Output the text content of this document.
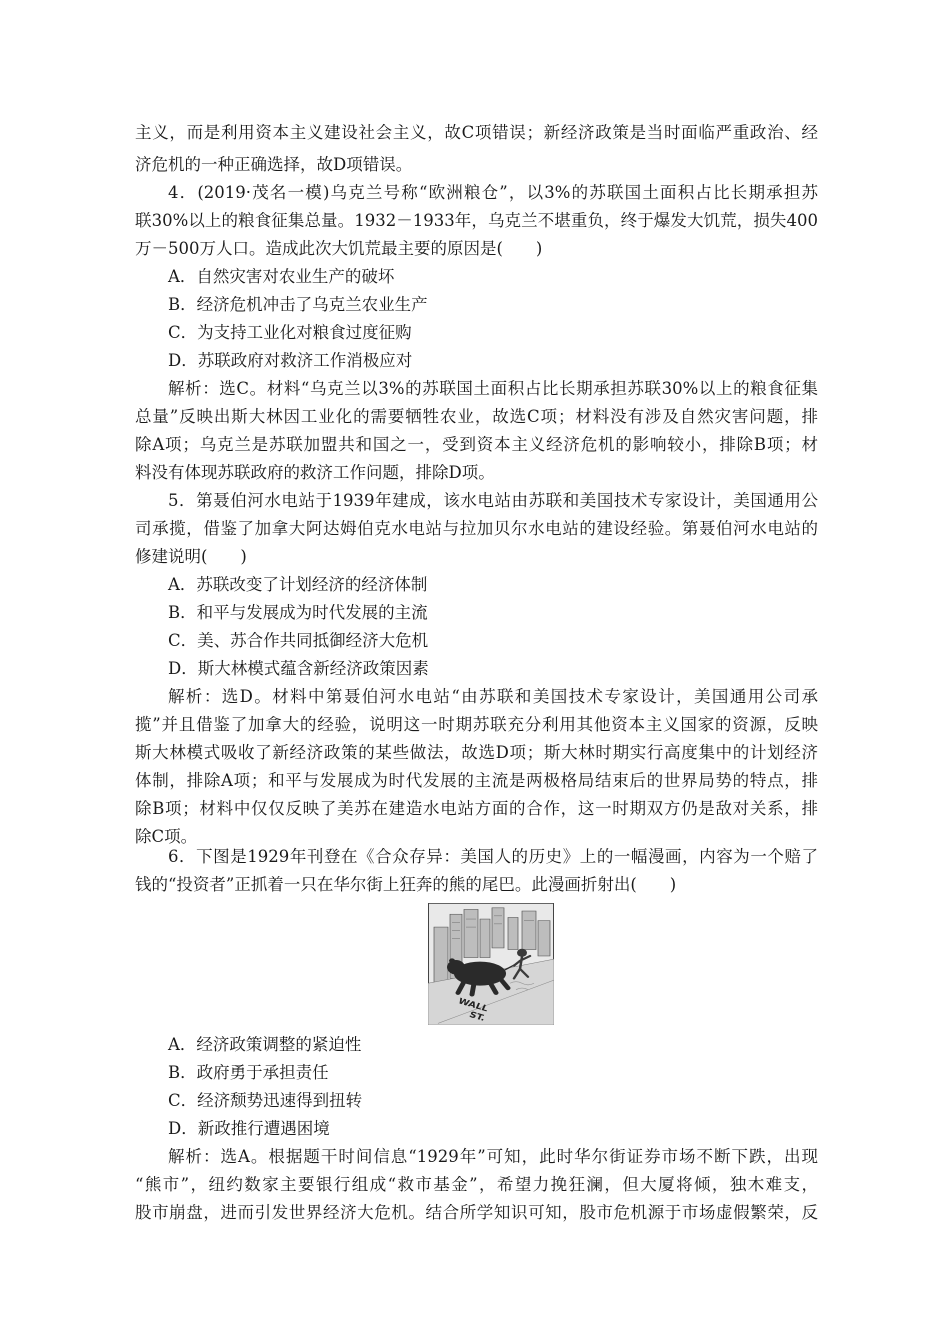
主义，而是利用资本主义建设社会主义，故C项错误；新经济政策是当时面临严重政治、经
济危机的一种正确选择，故D项错误。
4．(2019·茂名一模)乌克兰号称“欧洲粮仓”，以3%的苏联国土面积占比长期承担苏
联30%以上的粮食征集总量。1932－1933年，乌克兰不堪重负，终于爆发大饥荒，损失400
万－500万人口。造成此次大饥荒最主要的原因是(　　)
A．自然灾害对农业生产的破坏
B．经济危机冲击了乌克兰农业生产
C．为支持工业化对粮食过度征购
D．苏联政府对救济工作消极应对
解析：选C。材料“乌克兰以3%的苏联国土面积占比长期承担苏联30%以上的粮食征集
总量”反映出斯大林因工业化的需要牺牲农业，故选C项；材料没有涉及自然灾害问题，排
除A项；乌克兰是苏联加盟共和国之一，受到资本主义经济危机的影响较小，排除B项；材
料没有体现苏联政府的救济工作问题，排除D项。
5．第聂伯河水电站于1939年建成，该水电站由苏联和美国技术专家设计，美国通用公
司承揽，借鉴了加拿大阿达姆伯克水电站与拉加贝尔水电站的建设经验。第聂伯河水电站的
修建说明(　　)
A．苏联改变了计划经济的经济体制
B．和平与发展成为时代发展的主流
C．美、苏合作共同抵御经济大危机
D．斯大林模式蕴含新经济政策因素
解析：选D。材料中第聂伯河水电站“由苏联和美国技术专家设计，美国通用公司承
揽”并且借鉴了加拿大的经验，说明这一时期苏联充分利用其他资本主义国家的资源，反映
斯大林模式吸收了新经济政策的某些做法，故选D项；斯大林时期实行高度集中的计划经济
体制，排除A项；和平与发展成为时代发展的主流是两极格局结束后的世界局势的特点，排
除B项；材料中仅仅反映了美苏在建造水电站方面的合作，这一时期双方仍是敌对关系，排
除C项。
6．下图是1929年刊登在《合众存异：美国人的历史》上的一幅漫画，内容为一个赔了
WALL
ST.
钱的“投资者”正抓着一只在华尔街上狂奔的熊的尾巴。此漫画折射出(　　)
A．经济政策调整的紧迫性
B．政府勇于承担责任
C．经济颓势迅速得到扭转
D．新政推行遭遇困境
解析：选A。根据题干时间信息“1929年”可知，此时华尔街证券市场不断下跌，出现
“熊市”，纽约数家主要银行组成“救市基金”，希望力挽狂澜，但大厦将倾，独木难支，
股市崩盘，进而引发世界经济大危机。结合所学知识可知，股市危机源于市场虚假繁荣，反
